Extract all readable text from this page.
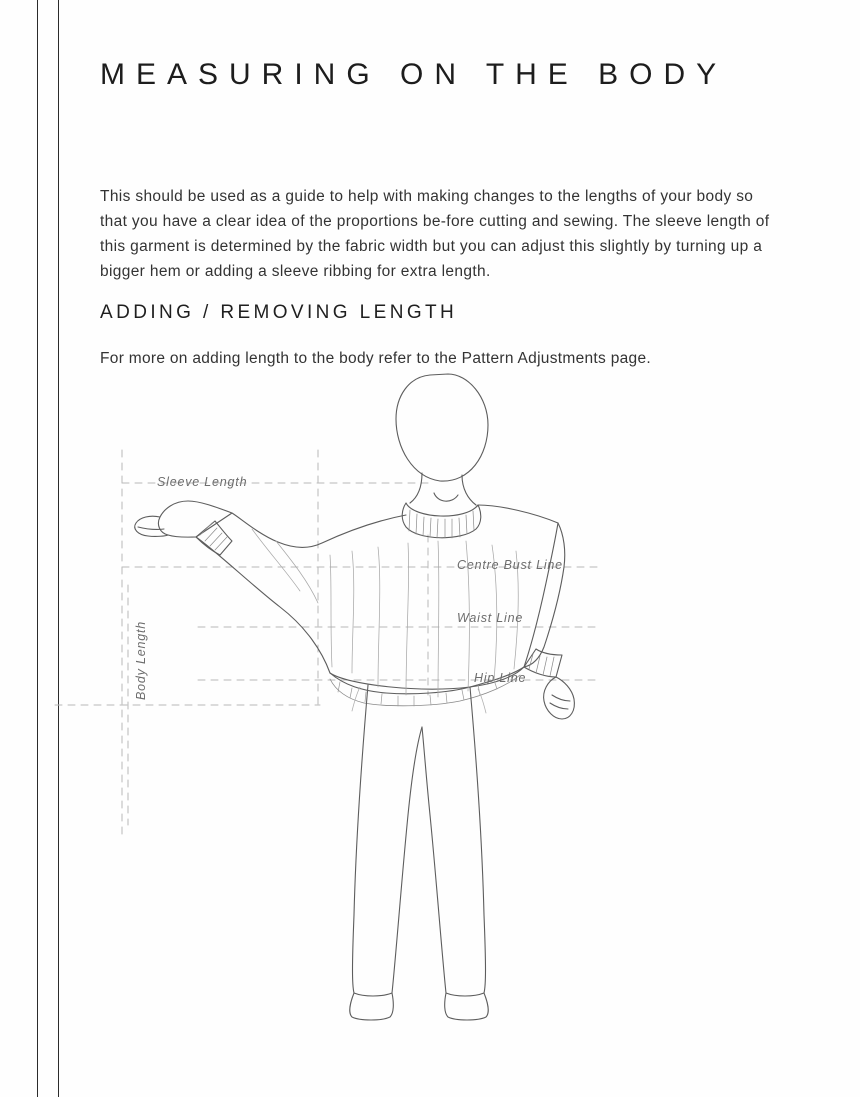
MEASURING ON THE BODY

This should be used as a guide to help with making changes to the lengths of your body so that you have a clear idea of the proportions be-fore cutting and sewing. The sleeve length of this garment is determined by the fabric width but you can adjust this slightly by turning up a bigger hem or adding a sleeve ribbing for extra length.

ADDING / REMOVING LENGTH

For more on adding length to the body refer to the Pattern Adjustments page.

Sleeve Length
Body Length
Centre Bust Line
Waist Line
Hip Line
